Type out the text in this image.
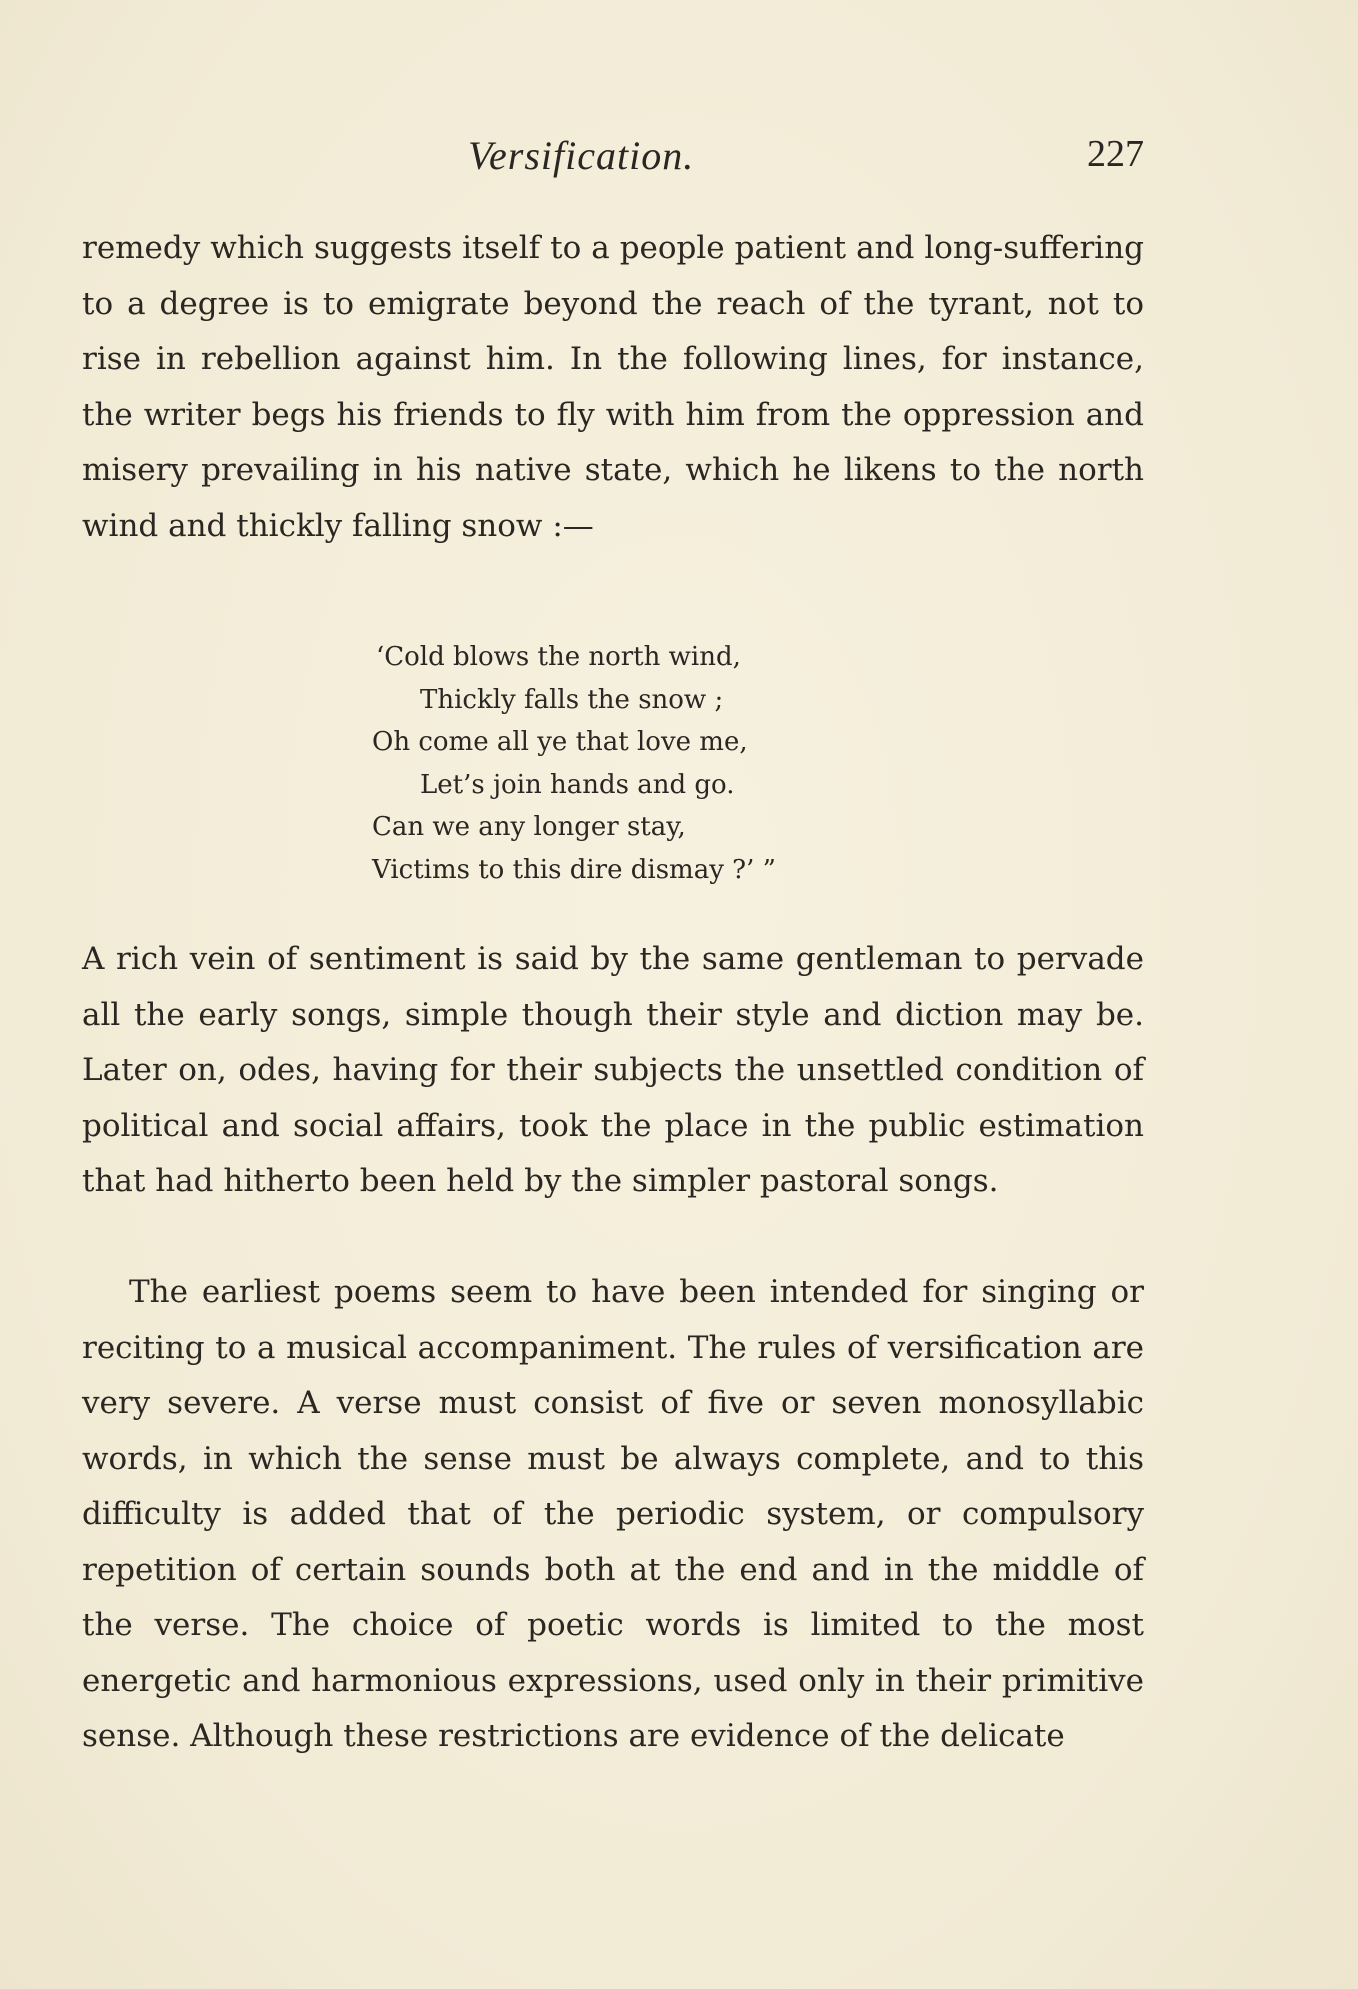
Versification.	227

remedy which suggests itself to a people patient and long-suffering to a degree is to emigrate beyond the reach of the tyrant, not to rise in rebellion against him. In the following lines, for instance, the writer begs his friends to fly with him from the oppression and misery prevailing in his native state, which he likens to the north wind and thickly falling snow :—

‘Cold blows the north wind,
Thickly falls the snow ;
Oh come all ye that love me,
Let’s join hands and go.
Can we any longer stay,
Victims to this dire dismay ?’ ”

A rich vein of sentiment is said by the same gentleman to pervade all the early songs, simple though their style and diction may be. Later on, odes, having for their subjects the unsettled condition of political and social affairs, took the place in the public estimation that had hitherto been held by the simpler pastoral songs.

The earliest poems seem to have been intended for singing or reciting to a musical accompaniment. The rules of versification are very severe. A verse must consist of five or seven monosyllabic words, in which the sense must be always complete, and to this difficulty is added that of the periodic system, or compulsory repetition of certain sounds both at the end and in the middle of the verse. The choice of poetic words is limited to the most energetic and harmonious expressions, used only in their primitive sense. Although these restrictions are evidence of the delicate
